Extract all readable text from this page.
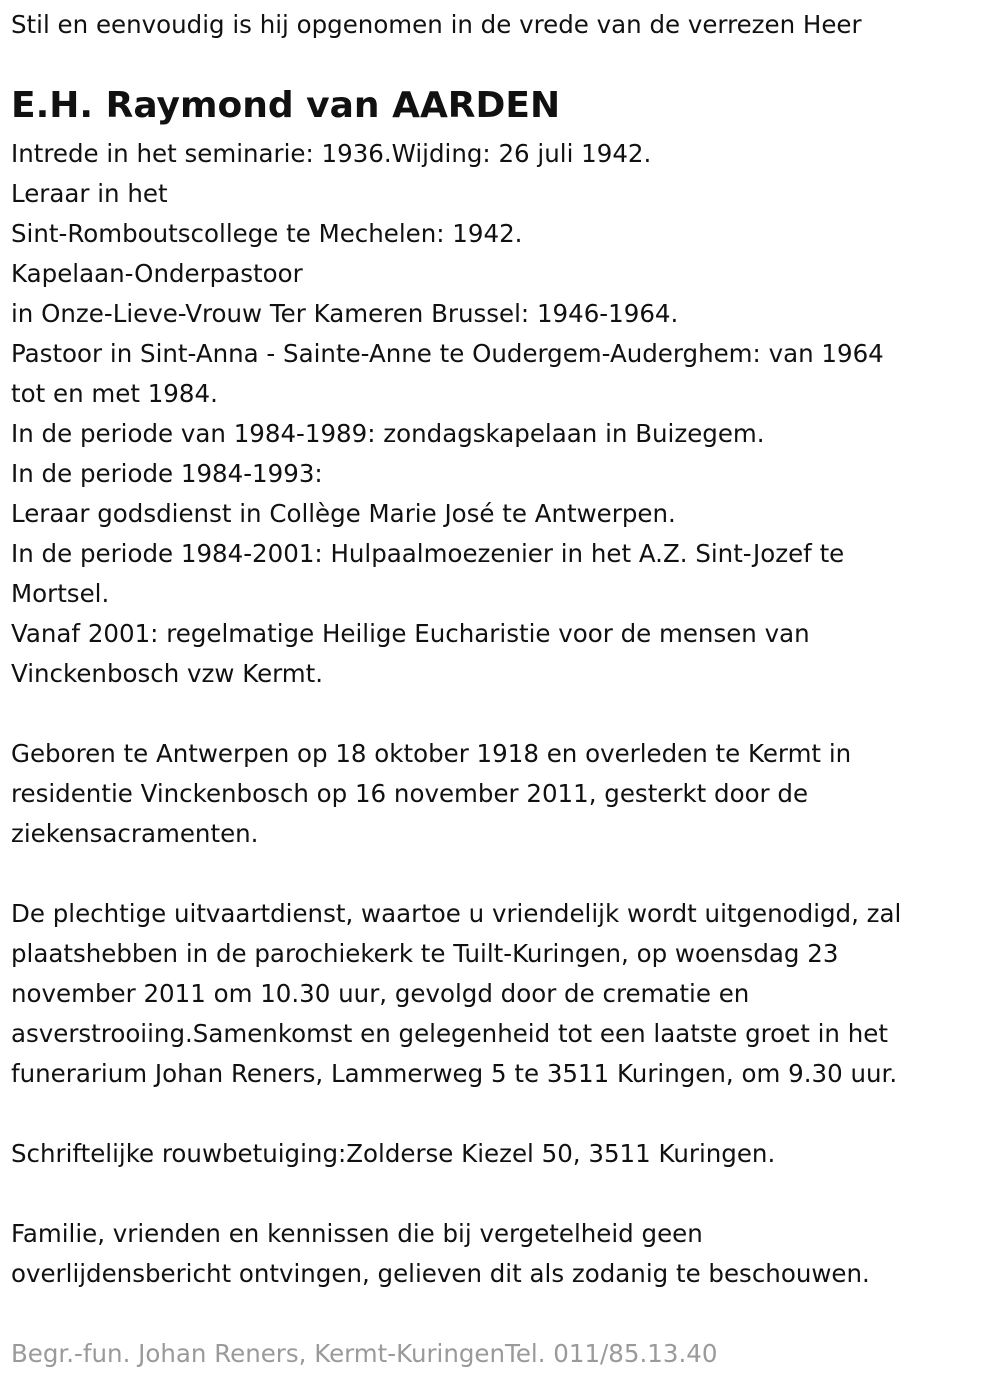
Stil en eenvoudig is hij opgenomen in de vrede van de verrezen Heer
E.H. Raymond van AARDEN
Intrede in het seminarie: 1936.Wijding: 26 juli 1942.
Leraar in het
Sint-Romboutscollege te Mechelen: 1942.
Kapelaan-Onderpastoor
in Onze-Lieve-Vrouw Ter Kameren Brussel: 1946-1964.
Pastoor in Sint-Anna - Sainte-Anne te Oudergem-Auderghem: van 1964
tot en met 1984.
In de periode van 1984-1989: zondagskapelaan in Buizegem.
In de periode 1984-1993:
Leraar godsdienst in Collège Marie José te Antwerpen.
In de periode 1984-2001: Hulpaalmoezenier in het A.Z. Sint-Jozef te
Mortsel.
Vanaf 2001: regelmatige Heilige Eucharistie voor de mensen van
Vinckenbosch vzw Kermt.
Geboren te Antwerpen op 18 oktober 1918 en overleden te Kermt in
residentie Vinckenbosch op 16 november 2011, gesterkt door de
ziekensacramenten.
De plechtige uitvaartdienst, waartoe u vriendelijk wordt uitgenodigd, zal
plaatshebben in de parochiekerk te Tuilt-Kuringen, op woensdag 23
november 2011 om 10.30 uur, gevolgd door de crematie en
asverstrooiing.Samenkomst en gelegenheid tot een laatste groet in het
funerarium Johan Reners, Lammerweg 5 te 3511 Kuringen, om 9.30 uur.
Schriftelijke rouwbetuiging:Zolderse Kiezel 50, 3511 Kuringen.
Familie, vrienden en kennissen die bij vergetelheid geen
overlijdensbericht ontvingen, gelieven dit als zodanig te beschouwen.
Begr.-fun. Johan Reners, Kermt-KuringenTel. 011/85.13.40
